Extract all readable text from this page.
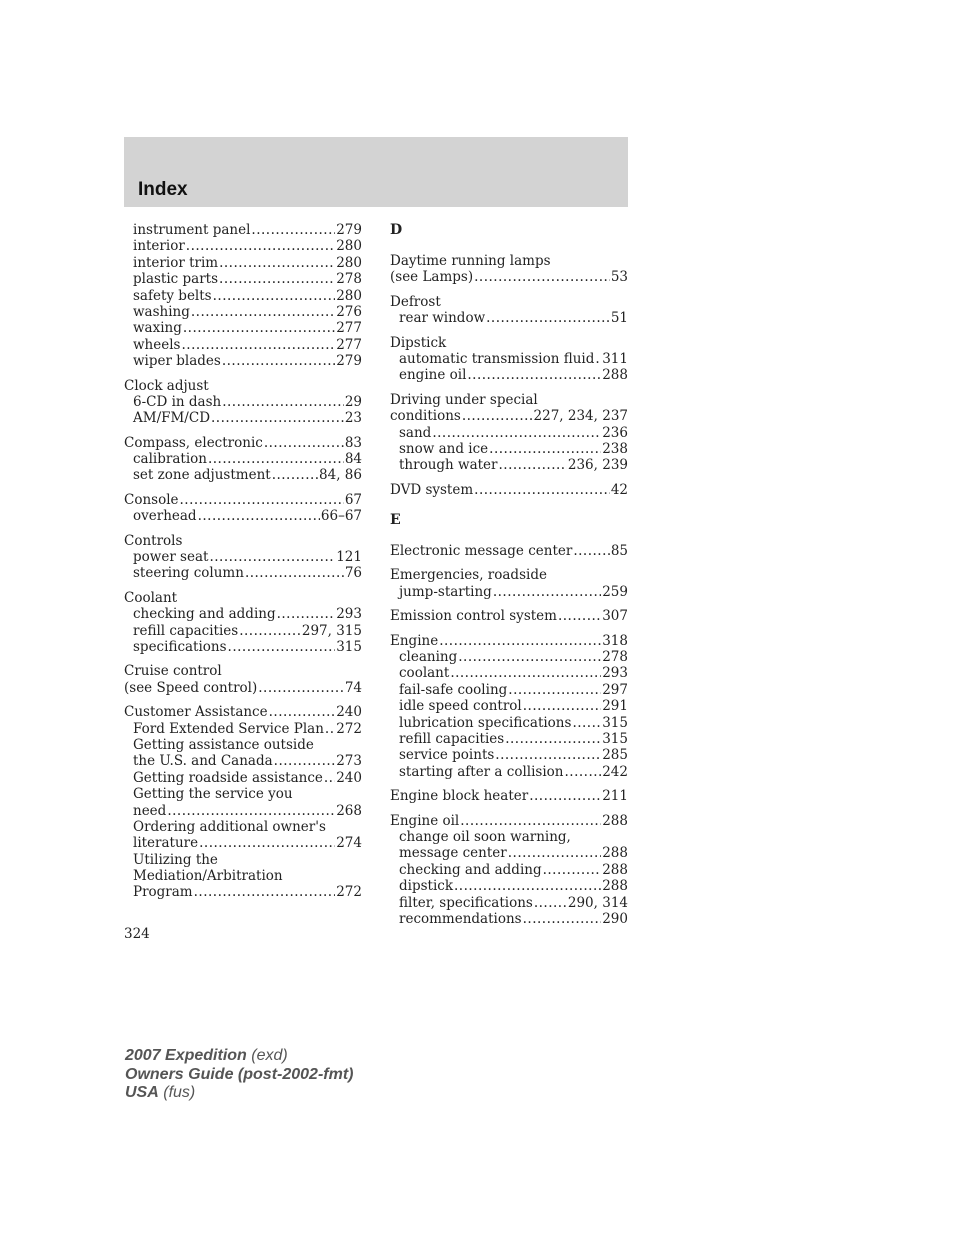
Index
instrument panel .....	279
interior .....	280
interior trim .....	280
plastic parts .....	278
safety belts .....	280
washing .....	276
waxing .....	277
wheels .....	277
wiper blades .....	279
Clock adjust
6-CD in dash .....	29
AM/FM/CD .....	23
Compass, electronic .....	83
calibration .....	84
set zone adjustment .....	84, 86
Console .....	67
overhead .....	66–67
Controls
power seat .....	121
steering column .....	76
Coolant
checking and adding .....	293
refill capacities .....	297, 315
specifications .....	315
Cruise control
(see Speed control) .....	74
Customer Assistance .....	240
Ford Extended Service Plan ..... 272
Getting assistance outside
the U.S. and Canada .....	273
Getting roadside assistance ..... 240
Getting the service you
need .....	268
Ordering additional owner's
literature .....	274
Utilizing the
Mediation/Arbitration
Program .....	272
D
Daytime running lamps
(see Lamps) .....	53
Defrost
rear window .....	51
Dipstick
automatic transmission fluid ..... 311
engine oil .....	288
Driving under special
conditions .....	227, 234, 237
sand .....	236
snow and ice .....	238
through water .....	236, 239
DVD system .....	42
E
Electronic message center .....	85
Emergencies, roadside
jump-starting .....	259
Emission control system .....	307
Engine .....	318
cleaning .....	278
coolant .....	293
fail-safe cooling .....	297
idle speed control .....	291
lubrication specifications ..... 315
refill capacities .....	315
service points .....	285
starting after a collision .....	242
Engine block heater .....	211
Engine oil .....	288
change oil soon warning,
message center .....	288
checking and adding .....	288
dipstick .....	288
filter, specifications .....	290, 314
recommendations .....	290
324
2007 Expedition (exd)
Owners Guide (post-2002-fmt)
USA (fus)
